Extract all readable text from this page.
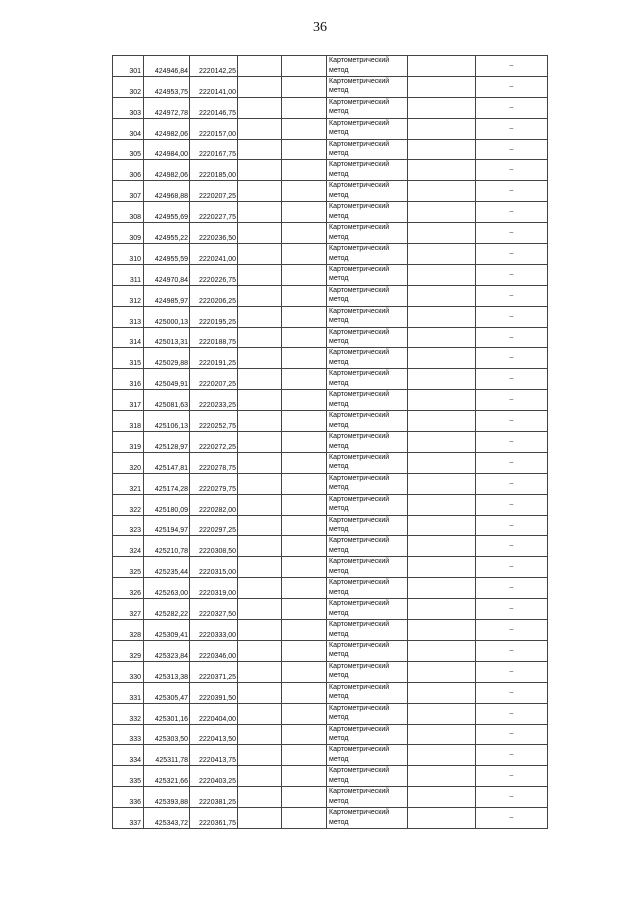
36
301	424946,84	2220142,25			Картометрический метод		–
302	424953,75	2220141,00			Картометрический метод		–
303	424972,78	2220146,75			Картометрический метод		–
304	424982,06	2220157,00			Картометрический метод		–
305	424984,00	2220167,75			Картометрический метод		–
306	424982,06	2220185,00			Картометрический метод		–
307	424968,88	2220207,25			Картометрический метод		–
308	424955,69	2220227,75			Картометрический метод		–
309	424955,22	2220236,50			Картометрический метод		–
310	424955,59	2220241,00			Картометрический метод		–
311	424970,84	2220226,75			Картометрический метод		–
312	424985,97	2220206,25			Картометрический метод		–
313	425000,13	2220195,25			Картометрический метод		–
314	425013,31	2220188,75			Картометрический метод		–
315	425029,88	2220191,25			Картометрический метод		–
316	425049,91	2220207,25			Картометрический метод		–
317	425081,63	2220233,25			Картометрический метод		–
318	425106,13	2220252,75			Картометрический метод		–
319	425128,97	2220272,25			Картометрический метод		–
320	425147,81	2220278,75			Картометрический метод		–
321	425174,28	2220279,75			Картометрический метод		–
322	425180,09	2220282,00			Картометрический метод		–
323	425194,97	2220297,25			Картометрический метод		–
324	425210,78	2220308,50			Картометрический метод		–
325	425235,44	2220315,00			Картометрический метод		–
326	425263,00	2220319,00			Картометрический метод		–
327	425282,22	2220327,50			Картометрический метод		–
328	425309,41	2220333,00			Картометрический метод		–
329	425323,84	2220346,00			Картометрический метод		–
330	425313,38	2220371,25			Картометрический метод		–
331	425305,47	2220391,50			Картометрический метод		–
332	425301,16	2220404,00			Картометрический метод		–
333	425303,50	2220413,50			Картометрический метод		–
334	425311,78	2220413,75			Картометрический метод		–
335	425321,66	2220403,25			Картометрический метод		–
336	425393,88	2220381,25			Картометрический метод		–
337	425343,72	2220361,75			Картометрический метод		–
